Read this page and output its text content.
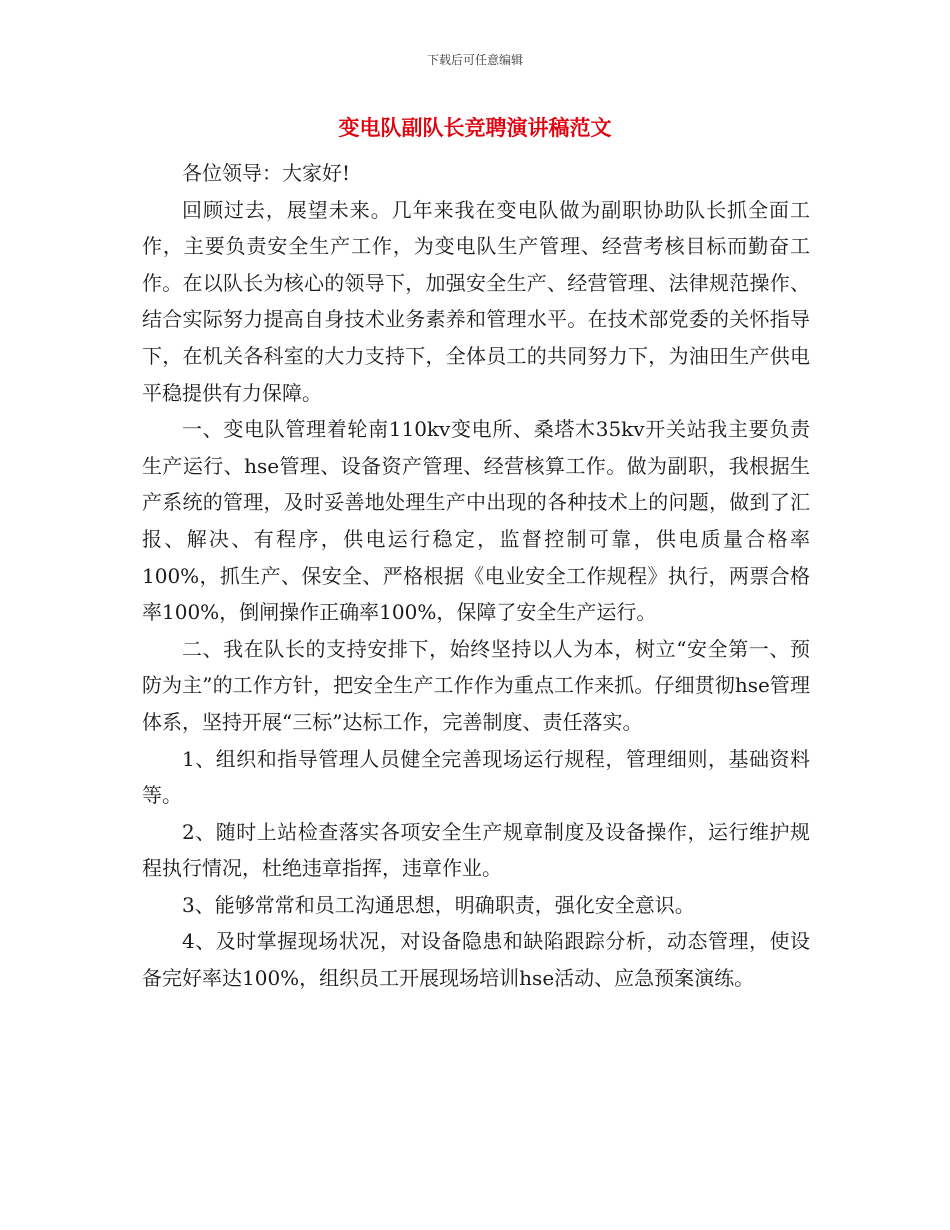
下载后可任意编辑
变电队副队长竞聘演讲稿范文

各位领导：大家好!

回顾过去，展望未来。几年来我在变电队做为副职协助队长抓全面工作，主要负责安全生产工作，为变电队生产管理、经营考核目标而勤奋工作。在以队长为核心的领导下，加强安全生产、经营管理、法律规范操作、结合实际努力提高自身技术业务素养和管理水平。在技术部党委的关怀指导下，在机关各科室的大力支持下，全体员工的共同努力下，为油田生产供电平稳提供有力保障。

一、变电队管理着轮南110kv变电所、桑塔木35kv开关站我主要负责生产运行、hse管理、设备资产管理、经营核算工作。做为副职，我根据生产系统的管理，及时妥善地处理生产中出现的各种技术上的问题，做到了汇报、解决、有程序，供电运行稳定，监督控制可靠，供电质量合格率100%，抓生产、保安全、严格根据《电业安全工作规程》执行，两票合格率100%，倒闸操作正确率100%，保障了安全生产运行。

二、我在队长的支持安排下，始终坚持以人为本，树立“安全第一、预防为主”的工作方针，把安全生产工作作为重点工作来抓。仔细贯彻hse管理体系，坚持开展“三标”达标工作，完善制度、责任落实。

1、组织和指导管理人员健全完善现场运行规程，管理细则，基础资料等。

2、随时上站检查落实各项安全生产规章制度及设备操作，运行维护规程执行情况，杜绝违章指挥，违章作业。

3、能够常常和员工沟通思想，明确职责，强化安全意识。

4、及时掌握现场状况，对设备隐患和缺陷跟踪分析，动态管理，使设备完好率达100%，组织员工开展现场培训hse活动、应急预案演练。
